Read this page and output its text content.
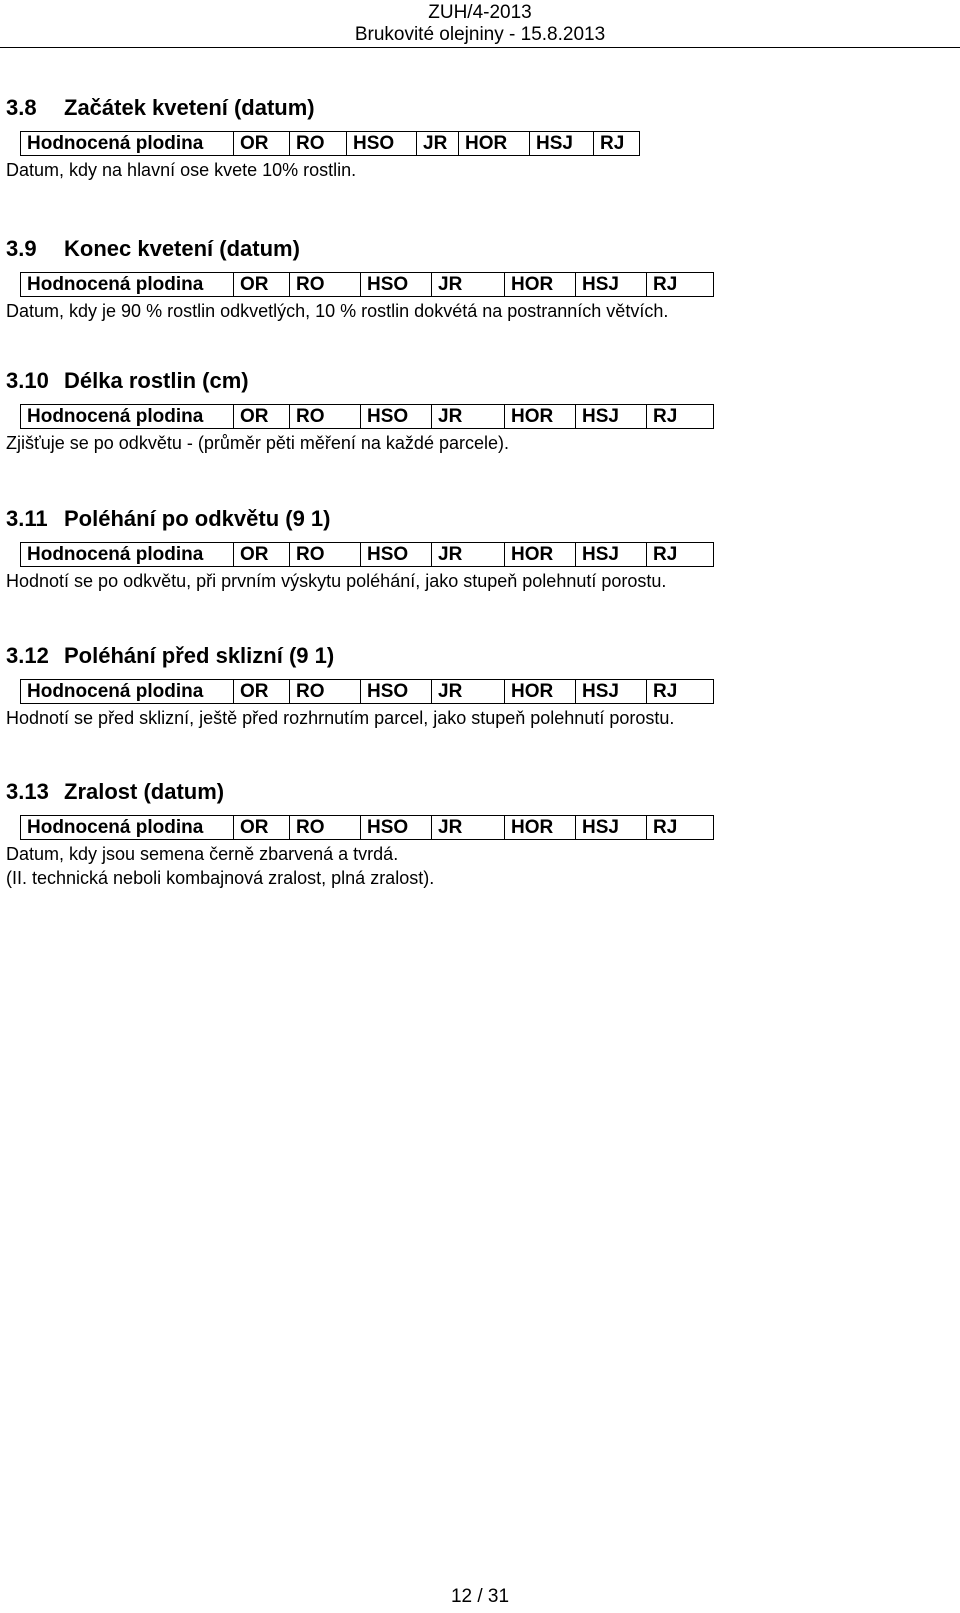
ZUH/4-2013
Brukovité olejniny - 15.8.2013
3.8 Začátek kvetení (datum)
Hodnocená plodina	OR	RO	HSO	JR	HOR	HSJ	RJ
Datum, kdy na hlavní ose kvete 10% rostlin.
3.9 Konec kvetení (datum)
Hodnocená plodina	OR	RO	HSO	JR	HOR	HSJ	RJ
Datum, kdy je 90 % rostlin odkvetlých, 10 % rostlin dokvétá na postranních větvích.
3.10 Délka rostlin (cm)
Hodnocená plodina	OR	RO	HSO	JR	HOR	HSJ	RJ
Zjišťuje se po odkvětu - (průměr pěti měření na každé parcele).
3.11 Poléhání po odkvětu (9 1)
Hodnocená plodina	OR	RO	HSO	JR	HOR	HSJ	RJ
Hodnotí se po odkvětu, při prvním výskytu poléhání, jako stupeň polehnutí porostu.
3.12 Poléhání před sklizní (9 1)
Hodnocená plodina	OR	RO	HSO	JR	HOR	HSJ	RJ
Hodnotí se před sklizní, ještě před rozhrnutím parcel, jako stupeň polehnutí porostu.
3.13 Zralost (datum)
Hodnocená plodina	OR	RO	HSO	JR	HOR	HSJ	RJ
Datum, kdy jsou semena černě zbarvená a tvrdá.
(II. technická neboli kombajnová zralost, plná zralost).
12 / 31
